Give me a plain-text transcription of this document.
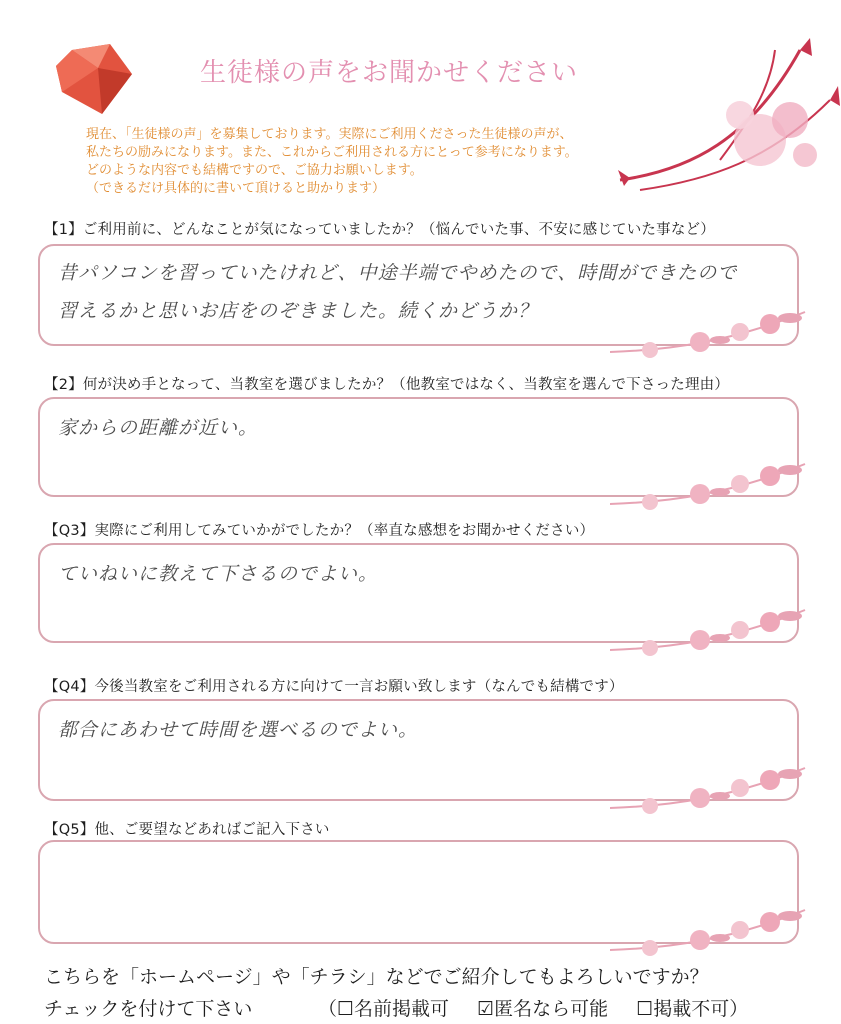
生徒様の声をお聞かせください
現在、「生徒様の声」を募集しております。実際にご利用くださった生徒様の声が、
私たちの励みになります。また、これからご利用される方にとって参考になります。
どのような内容でも結構ですので、ご協力お願いします。
（できるだけ具体的に書いて頂けると助かります）
【1】ご利用前に、どんなことが気になっていましたか？（悩んでいた事、不安に感じていた事など）
昔パソコンを習っていたけれど、中途半端でやめたので、時間ができたので
習えるかと思いお店をのぞきました。続くかどうか？
【2】何が決め手となって、当教室を選びましたか？（他教室ではなく、当教室を選んで下さった理由）
家からの距離が近い。
【Q3】実際にご利用してみていかがでしたか？（率直な感想をお聞かせください）
ていねいに教えて下さるのでよい。
【Q4】今後当教室をご利用される方に向けて一言お願い致します（なんでも結構です）
都合にあわせて時間を選べるのでよい。
【Q5】他、ご要望などあればご記入下さい
こちらを「ホームページ」や「チラシ」などでご紹介してもよろしいですか？
チェックを付けて下さい	（☐名前掲載可 ☑匿名なら可能 ☐掲載不可）
